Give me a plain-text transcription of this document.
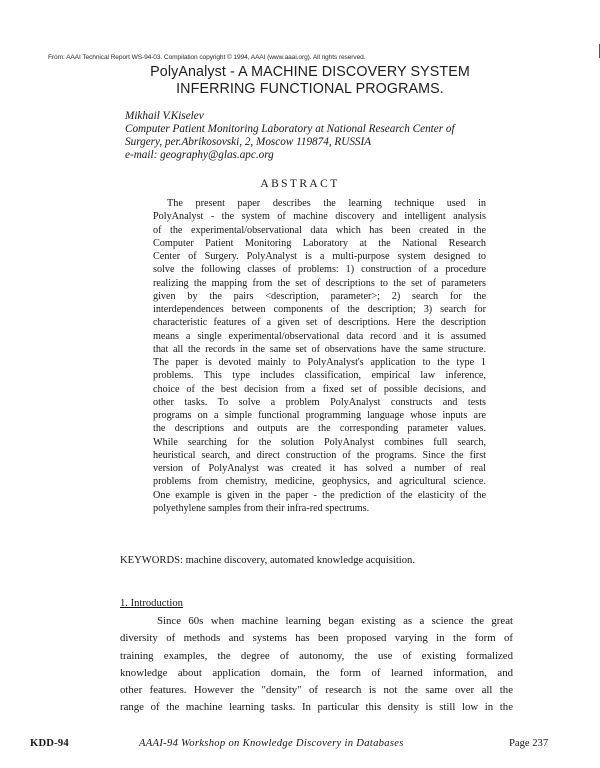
From: AAAI Technical Report WS-94-03. Compilation copyright © 1994, AAAI (www.aaai.org). All rights reserved.
PolyAnalyst - A MACHINE DISCOVERY SYSTEM
INFERRING FUNCTIONAL PROGRAMS.
Mikhail V.Kiselev
Computer Patient Monitoring Laboratory at National Research Center of
Surgery, per.Abrikosovski, 2, Moscow 119874, RUSSIA
e-mail: geography@glas.apc.org
ABSTRACT
The present paper describes the learning technique used in
PolyAnalyst - the system of machine discovery and intelligent analysis
of the experimental/observational data which has been created in the
Computer Patient Monitoring Laboratory at the National Research
Center of Surgery. PolyAnalyst is a multi-purpose system designed to
solve the following classes of problems: 1) construction of a procedure
realizing the mapping from the set of descriptions to the set of parameters
given by the pairs <description, parameter>; 2) search for the
interdependences between components of the description; 3) search for
characteristic features of a given set of descriptions. Here the description
means a single experimental/observational data record and it is assumed
that all the records in the same set of observations have the same structure.
The paper is devoted mainly to PolyAnalyst's application to the type 1
problems. This type includes classification, empirical law inference,
choice of the best decision from a fixed set of possible decisions, and
other tasks. To solve a problem PolyAnalyst constructs and tests
programs on a simple functional programming language whose inputs are
the descriptions and outputs are the corresponding parameter values.
While searching for the solution PolyAnalyst combines full search,
heuristical search, and direct construction of the programs. Since the first
version of PolyAnalyst was created it has solved a number of real
problems from chemistry, medicine, geophysics, and agricultural science.
One example is given in the paper - the prediction of the elasticity of the
polyethylene samples from their infra-red spectrums.
KEYWORDS: machine discovery, automated knowledge acquisition.
1. Introduction
Since 60s when machine learning began existing as a science the great
diversity of methods and systems has been proposed varying in the form of
training examples, the degree of autonomy, the use of existing formalized
knowledge about application domain, the form of learned information, and
other features. However the "density" of research is not the same over all the
range of the machine learning tasks. In particular this density is still low in the
KDD-94	AAAI-94 Workshop on Knowledge Discovery in Databases	Page 237
